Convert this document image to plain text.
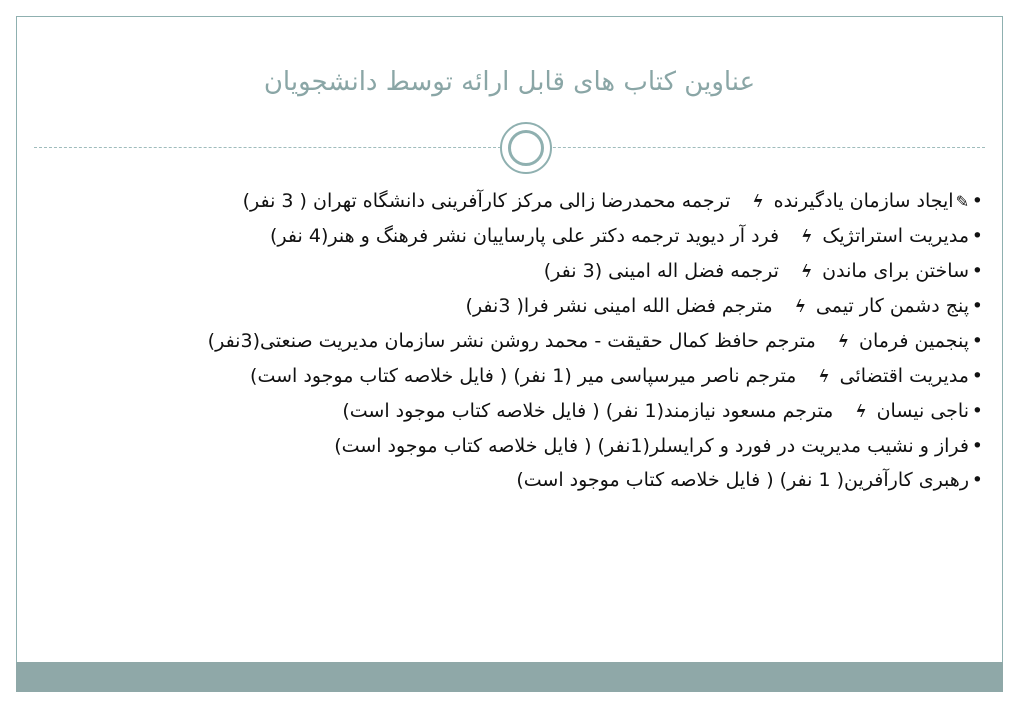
عناوین کتاب های قابل ارائه توسط دانشجویان
• ✎ایجاد سازمان یادگیرندهϟترجمه محمدرضا زالی مرکز کارآفرینی دانشگاه تهران ( 3 نفر)
• مدیریت استراتژیکϟفرد آر دیوید ترجمه دکتر علی پارساییان نشر فرهنگ و هنر(4 نفر)
• ساختن برای ماندنϟترجمه فضل اله امینی (3 نفر)
• پنج دشمن کار تیمیϟمترجم فضل الله امینی نشر فرا( 3نفر)
• پنجمین فرمانϟمترجم حافظ کمال حقیقت - محمد روشن نشر سازمان مدیریت صنعتی(3نفر)
• مدیریت اقتضائیϟمترجم ناصر میرسپاسی میر (1 نفر) ( فایل خلاصه کتاب موجود است)
• ناجی نیسانϟمترجم مسعود نیازمند(1 نفر) ( فایل خلاصه کتاب موجود است)
• فراز و نشیب مدیریت در فورد و کرایسلر(1نفر) ( فایل خلاصه کتاب موجود است)
• رهبری کارآفرین( 1 نفر) ( فایل خلاصه کتاب موجود است)
